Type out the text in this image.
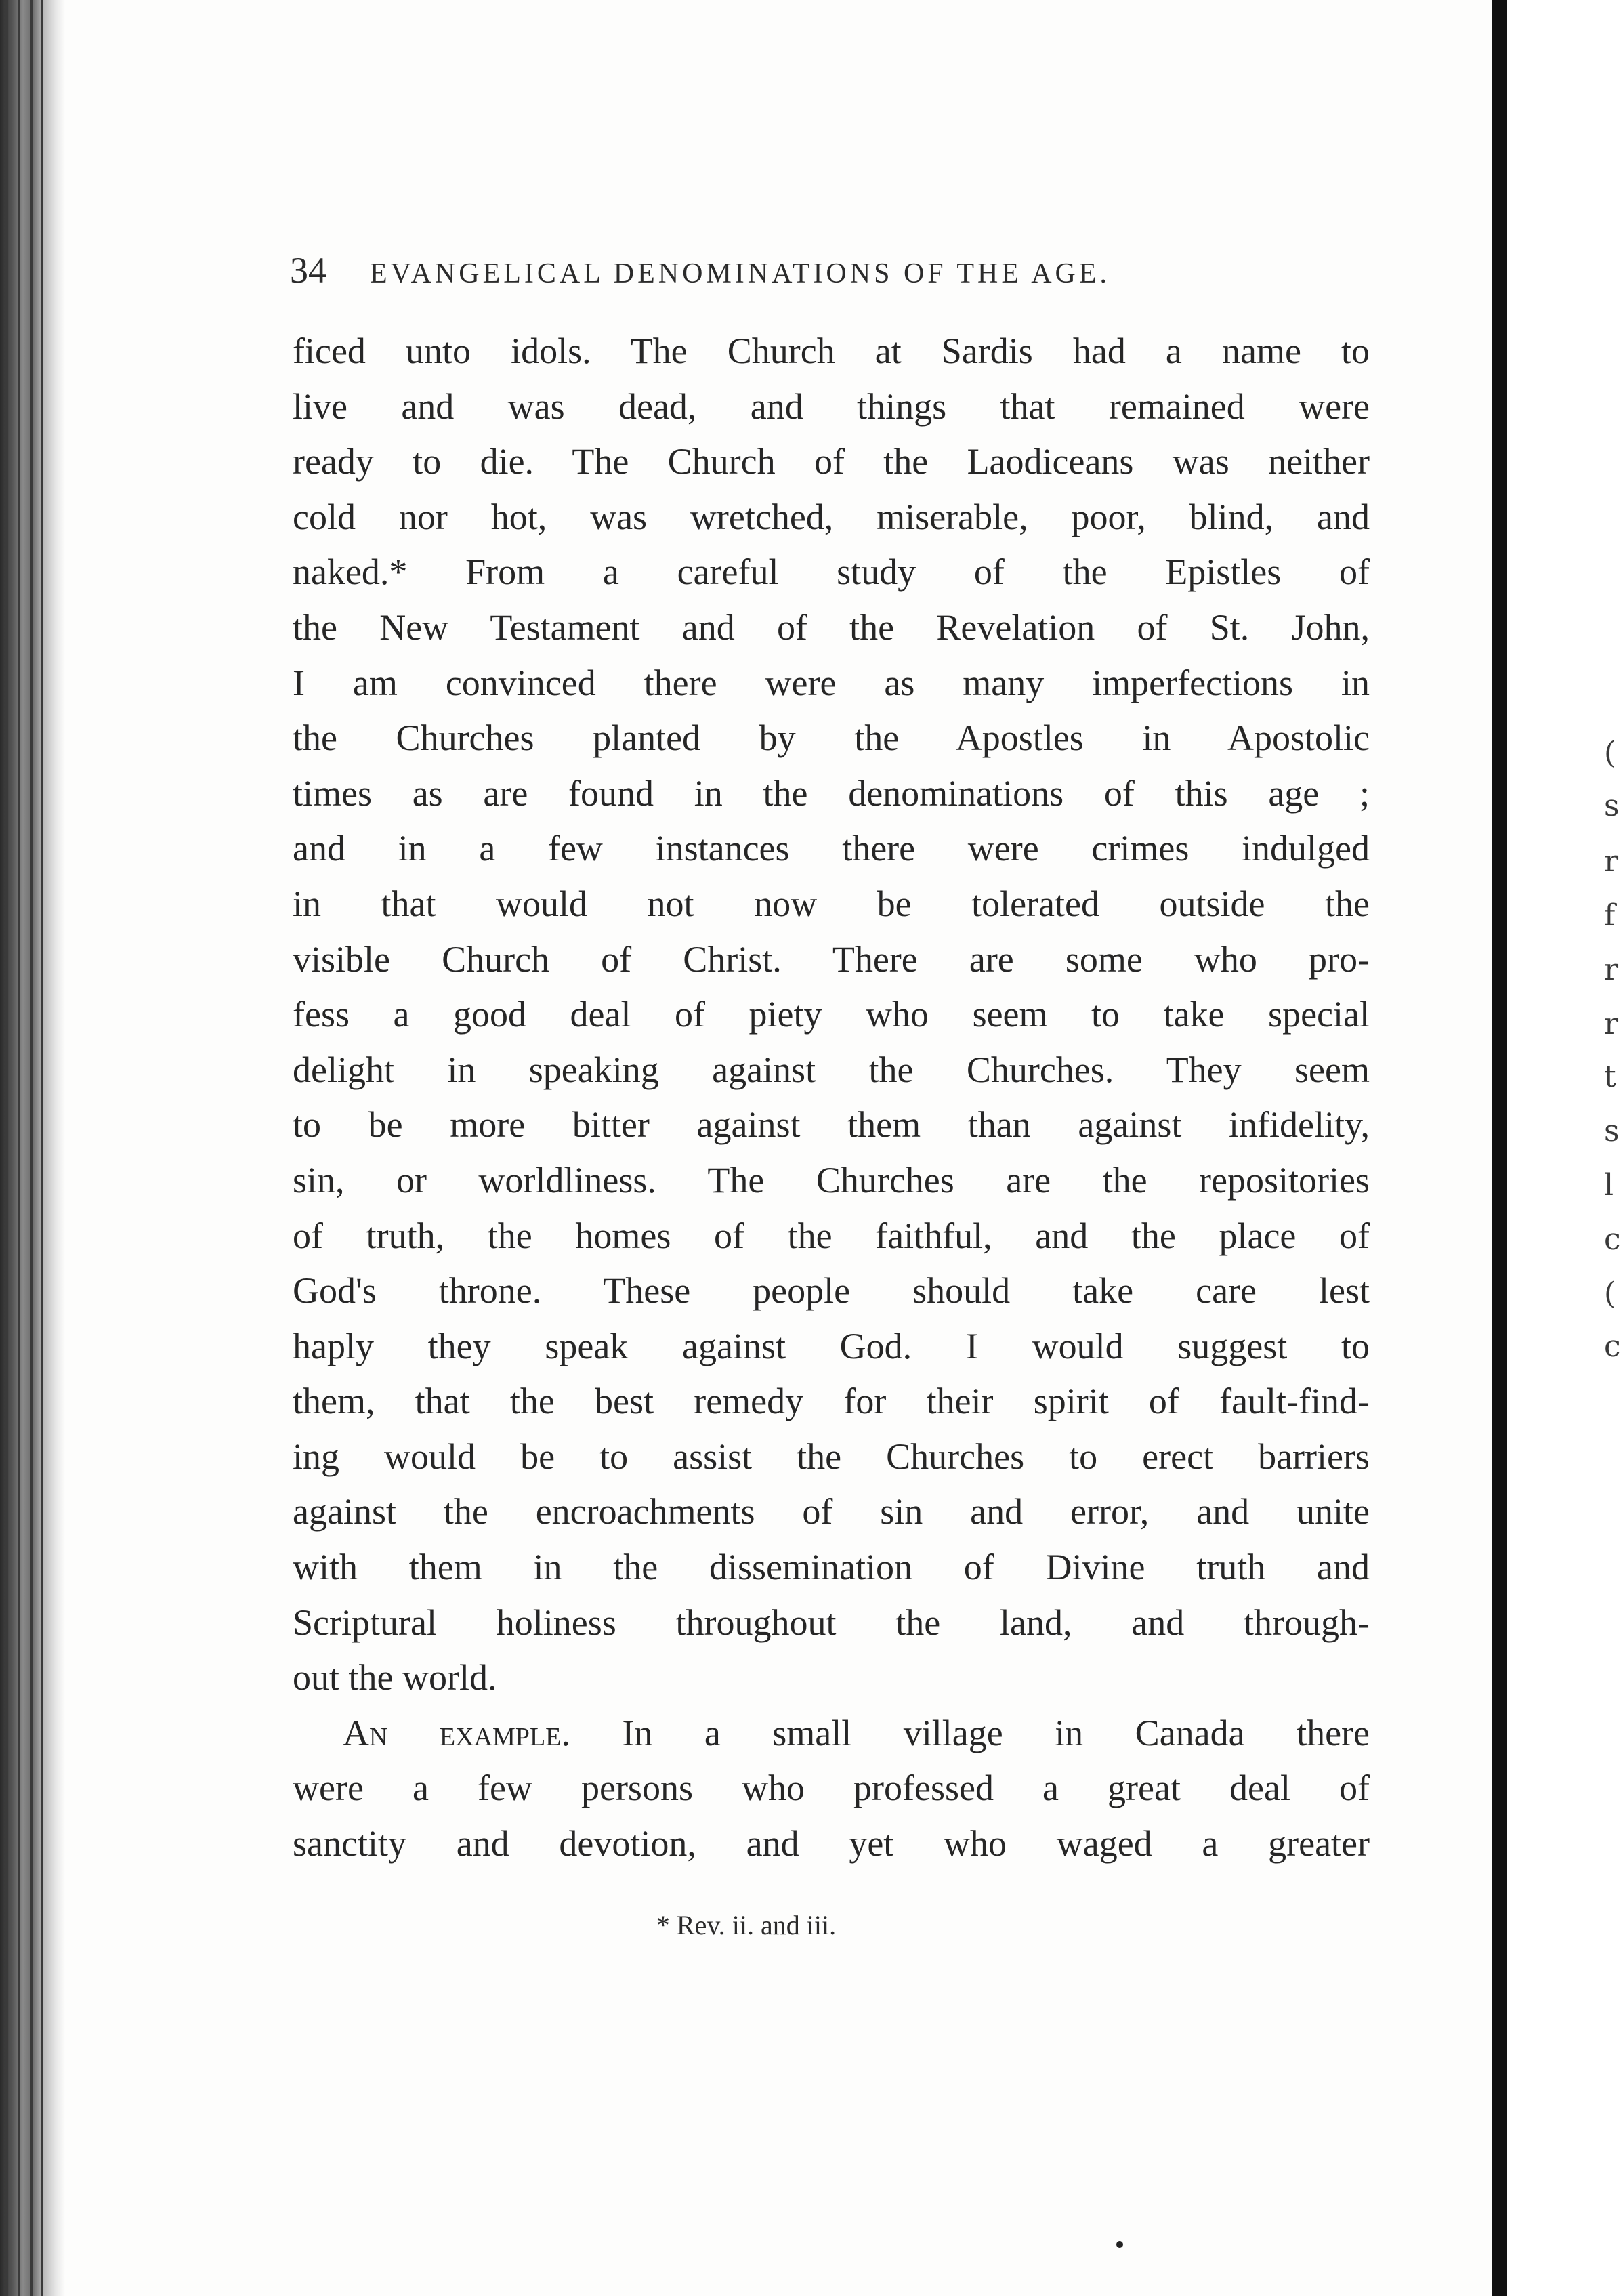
(
s
r
f
r
r
t
s
l
c
(
c
34 EVANGELICAL DENOMINATIONS OF THE AGE.
ficed unto idols. The Church at Sardis had a name to
live and was dead, and things that remained were
ready to die. The Church of the Laodiceans was neither
cold nor hot, was wretched, miserable, poor, blind, and
naked.* From a careful study of the Epistles of
the New Testament and of the Revelation of St. John,
I am convinced there were as many imperfections in
the Churches planted by the Apostles in Apostolic
times as are found in the denominations of this age ;
and in a few instances there were crimes indulged
in that would not now be tolerated outside the
visible Church of Christ. There are some who pro-
fess a good deal of piety who seem to take special
delight in speaking against the Churches. They seem
to be more bitter against them than against infidelity,
sin, or worldliness. The Churches are the repositories
of truth, the homes of the faithful, and the place of
God's throne. These people should take care lest
haply they speak against God. I would suggest to
them, that the best remedy for their spirit of fault-find-
ing would be to assist the Churches to erect barriers
against the encroachments of sin and error, and unite
with them in the dissemination of Divine truth and
Scriptural holiness throughout the land, and through-
out the world.
An example. In a small village in Canada there
were a few persons who professed a great deal of
sanctity and devotion, and yet who waged a greater
* Rev. ii. and iii.
